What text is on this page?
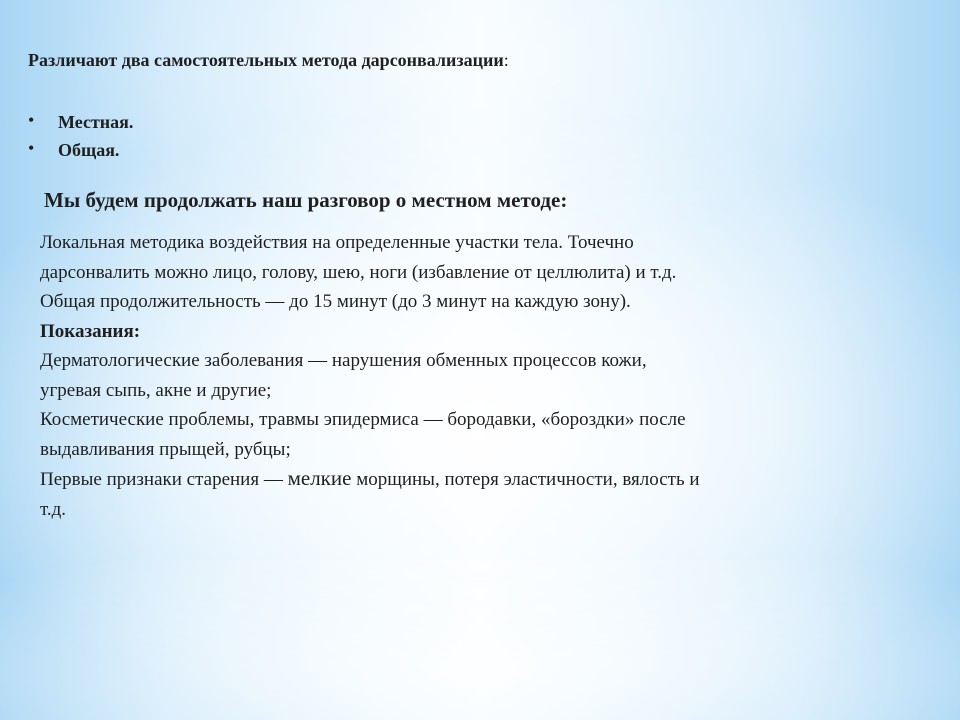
Различают два самостоятельных метода дарсонвализации:
• Местная.
• Общая.
Мы будем продолжать наш разговор о местном методе:

Локальная методика воздействия на определенные участки тела. Точечно

дарсонвалить можно лицо, голову, шею, ноги (избавление от целлюлита) и т.д.

Общая продолжительность — до 15 минут (до 3 минут на каждую зону).

Показания:

Дерматологические заболевания — нарушения обменных процессов кожи,

угревая сыпь, акне и другие;

Косметические проблемы, травмы эпидермиса — бородавки, «бороздки» после

выдавливания прыщей, рубцы;

Первые признаки старения — мелкие морщины, потеря эластичности, вялость и

т.д.
